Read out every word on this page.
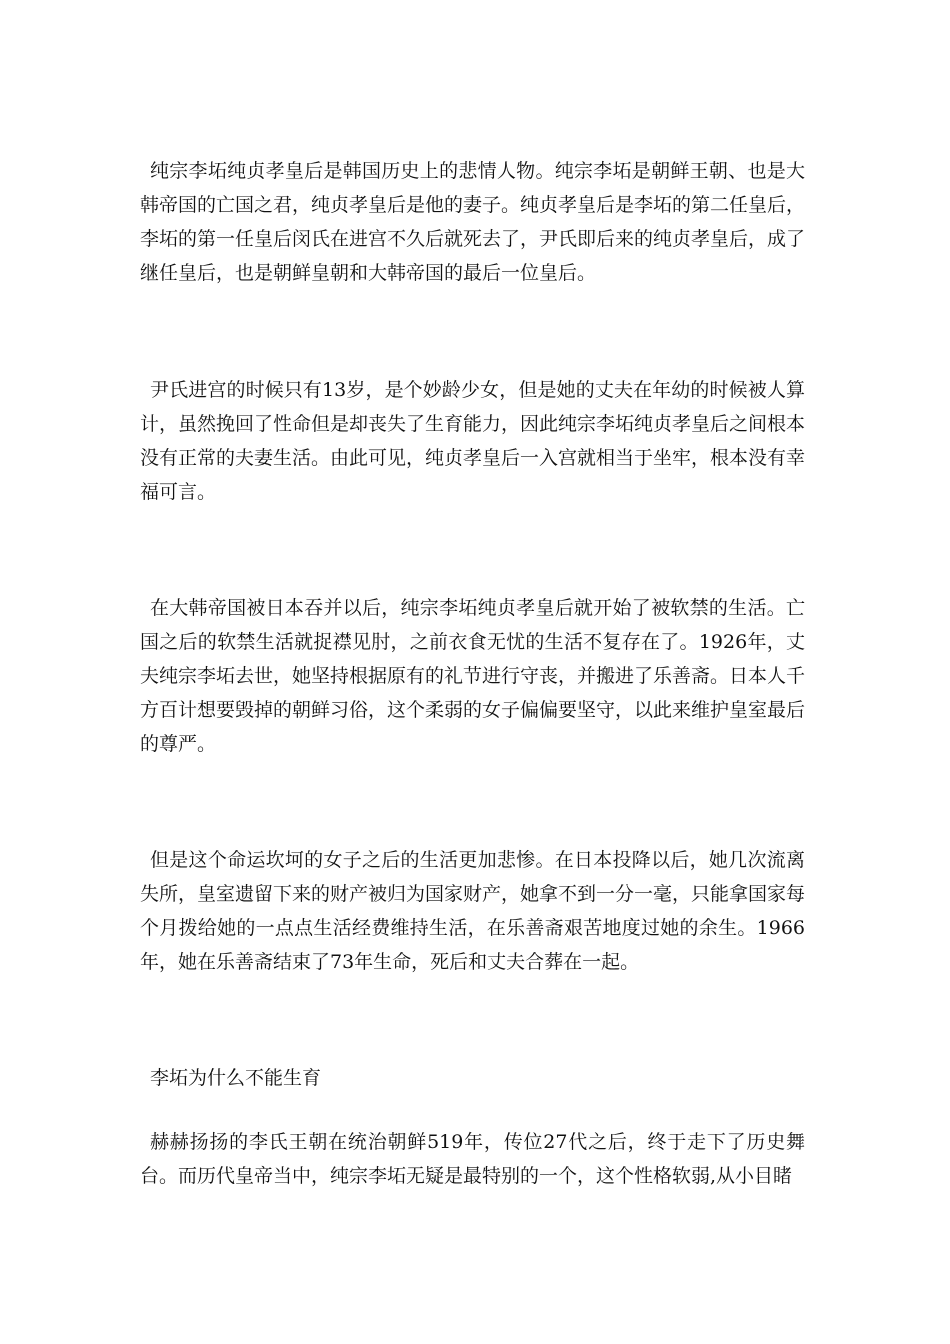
纯宗李坧纯贞孝皇后是韩国历史上的悲情人物。纯宗李坧是朝鲜王朝、也是大韩帝国的亡国之君，纯贞孝皇后是他的妻子。纯贞孝皇后是李坧的第二任皇后，李坧的第一任皇后闵氏在进宫不久后就死去了，尹氏即后来的纯贞孝皇后，成了继任皇后，也是朝鲜皇朝和大韩帝国的最后一位皇后。

尹氏进宫的时候只有13岁，是个妙龄少女，但是她的丈夫在年幼的时候被人算计，虽然挽回了性命但是却丧失了生育能力，因此纯宗李坧纯贞孝皇后之间根本没有正常的夫妻生活。由此可见，纯贞孝皇后一入宫就相当于坐牢，根本没有幸福可言。

在大韩帝国被日本吞并以后，纯宗李坧纯贞孝皇后就开始了被软禁的生活。亡国之后的软禁生活就捉襟见肘，之前衣食无忧的生活不复存在了。1926年，丈夫纯宗李坧去世，她坚持根据原有的礼节进行守丧，并搬进了乐善斋。日本人千方百计想要毁掉的朝鲜习俗，这个柔弱的女子偏偏要坚守，以此来维护皇室最后的尊严。

但是这个命运坎坷的女子之后的生活更加悲惨。在日本投降以后，她几次流离失所，皇室遗留下来的财产被归为国家财产，她拿不到一分一毫，只能拿国家每个月拨给她的一点点生活经费维持生活，在乐善斋艰苦地度过她的余生。1966年，她在乐善斋结束了73年生命，死后和丈夫合葬在一起。

李坧为什么不能生育

赫赫扬扬的李氏王朝在统治朝鲜519年，传位27代之后，终于走下了历史舞台。而历代皇帝当中，纯宗李坧无疑是最特别的一个，这个性格软弱,从小目睹
